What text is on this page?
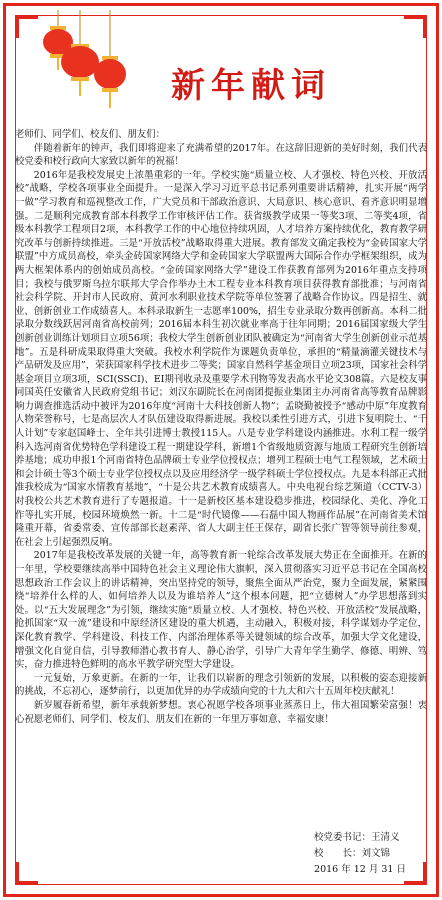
新年献词

老师们、同学们、校友们、朋友们：

伴随着新年的钟声，我们即将迎来了充满希望的2017年。在这辞旧迎新的美好时刻，我们代表校党委和校行政向大家致以新年的祝福！

2016年是我校发展史上浓墨重彩的一年。学校实施“质量立校、人才强校、特色兴校、开放活校”战略，学校各项事业全面提升。一是深入学习习近平总书记系列重要讲话精神，扎实开展“两学一做”学习教育和巡视整改工作，广大党员和干部政治意识、大局意识、核心意识、看齐意识明显增强。二是顺利完成教育部本科教学工作审核评估工作。获省级教学成果一等奖3项、二等奖4项，省级本科教学工程项目2项，本科教学工作的中心地位持续巩固，人才培养方案持续优化，教育教学研究改革与创新持续推进。三是“开放活校”战略取得重大进展。教育部发文确定我校为“金砖国家大学联盟”中方成员高校，牵头金砖国家网络大学和金砖国家大学联盟两大国际合作办学框架组织，成为两大框架体系内的创始成员高校。“金砖国家网络大学”建设工作获教育部列为2016年重点支持项目；我校与俄罗斯乌拉尔联邦大学合作举办土木工程专业本科教育项目获得教育部批准；与河南省社会科学院、开封市人民政府、黄河水利职业技术学院等单位签署了战略合作协议。四是招生、就业、创新创业工作成绩喜人。本科录取新生一志愿率100%，招生专业录取分数再创新高。本科二批录取分数线跃居河南省高校前列；2016届本科生初次就业率高于往年同期；2016届国家级大学生创新创业训练计划项目立项56项；我校大学生创新创业团队被确定为“河南省大学生创新创业示范基地”。五是科研成果取得重大突破。我校水利学院作为课题负责单位，承担的“精量滴灌关键技术与产品研发及应用”，荣获国家科学技术进步二等奖；国家自然科学基金项目立项23项，国家社会科学基金项目立项3项，SCI(SSCI)、EI期刊收录及重要学术刊物等发表高水平论文308篇。六是校友事同国英任安徽省人民政府党组书记；刘汉东副院长在河南团提振业集团主办河南省高等教育品牌影响力调查推选活动中被评为2016年度“河南十大科技创新人物”；孟晓勤被授予“感动中原”年度教育人物荣誉称号，七是高层次人才队伍建设取得新进展。我校以柔性引进方式，引进卞复明院士、“千人计划”专家赵国峰士、全年共引进博士教授115人。八是专业学科建设内涵推进。水利工程一级学科入选河南省优势特色学科建设工程一期建设学科，新增1个省级地质资源与地质工程研究生创新培养基地；成功申报1个河南省特色品牌硕士专业学位授权点；增列工程硕士电气工程领域，艺术硕士和会计硕士等3个硕士专业学位授权点以及应用经济学一级学科硕士学位授权点。九是本科部正式批准我校成为“国家水情教育基地”，“十是公共艺术教育成绩喜人。中央电视台综艺频道（CCTV-3）对我校公共艺术教育进行了专题报道。十一是新校区基本建设稳步推进，校园绿化、美化、净化工作等扎实开展，校园环境焕然一新。十二是“时代镜像——石磊中国人物画作品展”在河南省美术馆隆重开幕，省委常委、宣传部部长赵素萍、省人大副主任王保存，副省长张广智等领导前往参观，在社会上引起强烈反响。

2017年是我校改革发展的关键一年，高等教育新一轮综合改革发展大势正在全面推开。在新的一年里，学校要继续高举中国特色社会主义理论伟大旗帜，深入贯彻落实习近平总书记在全国高校思想政治工作会议上的讲话精神，突出坚持党的领导，聚焦全面从严治党，聚力全面发展，紧紧围绕“培养什么样的人、如何培养人以及为谁培养人”这个根本问题，把“立德树人”办学思想落到实处。以“五大发展理念”为引领，继续实施“质量立校、人才强校、特色兴校、开放活校”发展战略，抢抓国家“双一流”建设和中原经济区建设的重大机遇，主动融入，积极对接，科学谋划办学定位，深化教育教学、学科建设、科技工作、内部治理体系等关键领域的综合改革，加强大学文化建设，增强文化自觉自信，引导教师潜心教书育人、静心治学，引导广大青年学生勤学、修德、明辨、笃实，奋力推进特色鲜明的高水平教学研究型大学建设。

一元复始，万象更新。在新的一年，让我们以崭新的理念引领新的发展，以积极的姿态迎接新的挑战，不忘初心，逐梦前行，以更加优异的办学成绩向党的十九大和六十五周年校庆献礼！

新岁履春新希望，新年承载新梦想。衷心祝愿学校各项事业蒸蒸日上，伟大祖国繁荣富强！衷心祝愿老师们、同学们、校友们、朋友们在新的一年里万事如意、幸福安康！

校党委书记：王清义
校　　长：刘文锦
2016 年 12 月 31 日
